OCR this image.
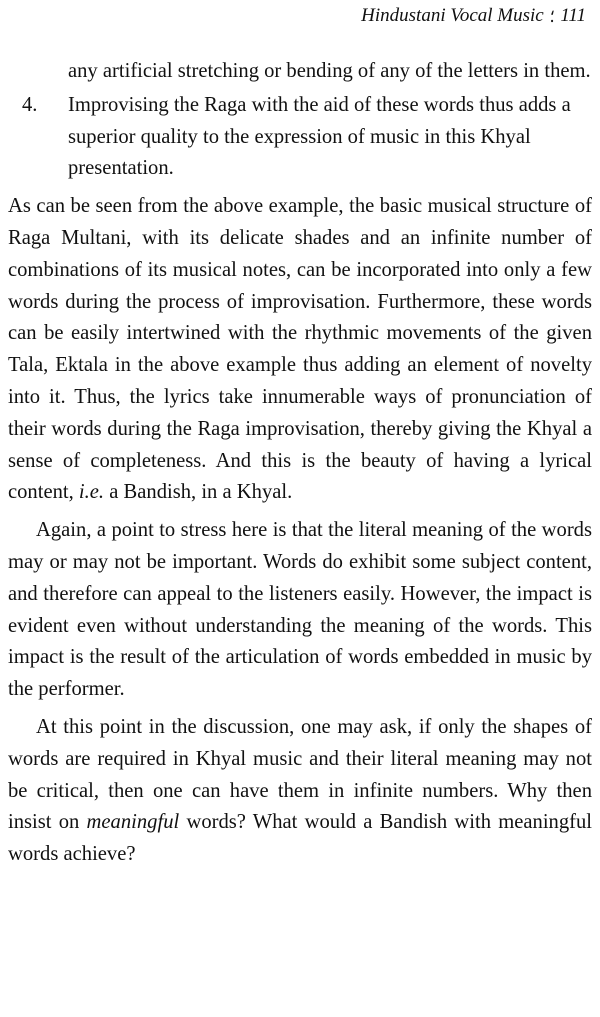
Hindustani Vocal Music ⸵ 111

any artificial stretching or bending of any of the letters in them.

4.	Improvising the Raga with the aid of these words thus adds a superior quality to the expression of music in this Khyal presentation.

As can be seen from the above example, the basic musical structure of Raga Multani, with its delicate shades and an infinite number of combinations of its musical notes, can be incorporated into only a few words during the process of improvisation. Furthermore, these words can be easily intertwined with the rhythmic movements of the given Tala, Ektala in the above example thus adding an element of novelty into it. Thus, the lyrics take innumerable ways of pronunciation of their words during the Raga improvisation, thereby giving the Khyal a sense of completeness. And this is the beauty of having a lyrical content, i.e. a Bandish, in a Khyal.

Again, a point to stress here is that the literal meaning of the words may or may not be important. Words do exhibit some subject content, and therefore can appeal to the listeners easily. However, the impact is evident even without understanding the meaning of the words. This impact is the result of the articulation of words embedded in music by the performer.

At this point in the discussion, one may ask, if only the shapes of words are required in Khyal music and their literal meaning may not be critical, then one can have them in infinite numbers. Why then insist on meaningful words? What would a Bandish with meaningful words achieve?
